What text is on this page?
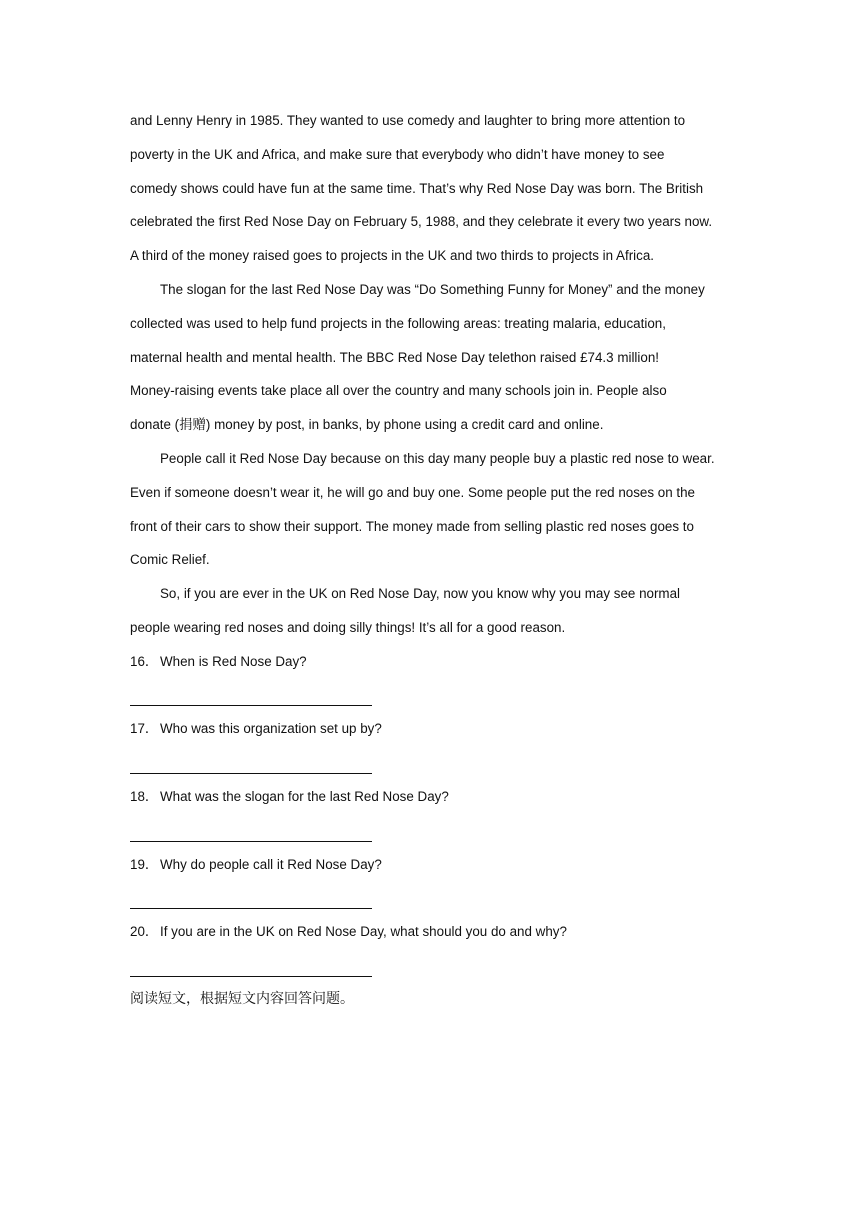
and Lenny Henry in 1985. They wanted to use comedy and laughter to bring more attention to
poverty in the UK and Africa, and make sure that everybody who didn’t have money to see
comedy shows could have fun at the same time. That’s why Red Nose Day was born. The British
celebrated the first Red Nose Day on February 5, 1988, and they celebrate it every two years now.
A third of the money raised goes to projects in the UK and two thirds to projects in Africa.
The slogan for the last Red Nose Day was “Do Something Funny for Money” and the money
collected was used to help fund projects in the following areas: treating malaria, education,
maternal health and mental health. The BBC Red Nose Day telethon raised £74.3 million!
Money-raising events take place all over the country and many schools join in. People also
donate (捐赠) money by post, in banks, by phone using a credit card and online.
People call it Red Nose Day because on this day many people buy a plastic red nose to wear.
Even if someone doesn’t wear it, he will go and buy one. Some people put the red noses on the
front of their cars to show their support. The money made from selling plastic red noses goes to
Comic Relief.
So, if you are ever in the UK on Red Nose Day, now you know why you may see normal
people wearing red noses and doing silly things! It’s all for a good reason.
16． When is Red Nose Day?
17． Who was this organization set up by?
18． What was the slogan for the last Red Nose Day?
19． Why do people call it Red Nose Day?
20． If you are in the UK on Red Nose Day, what should you do and why?
阅读短文，根据短文内容回答问题。
